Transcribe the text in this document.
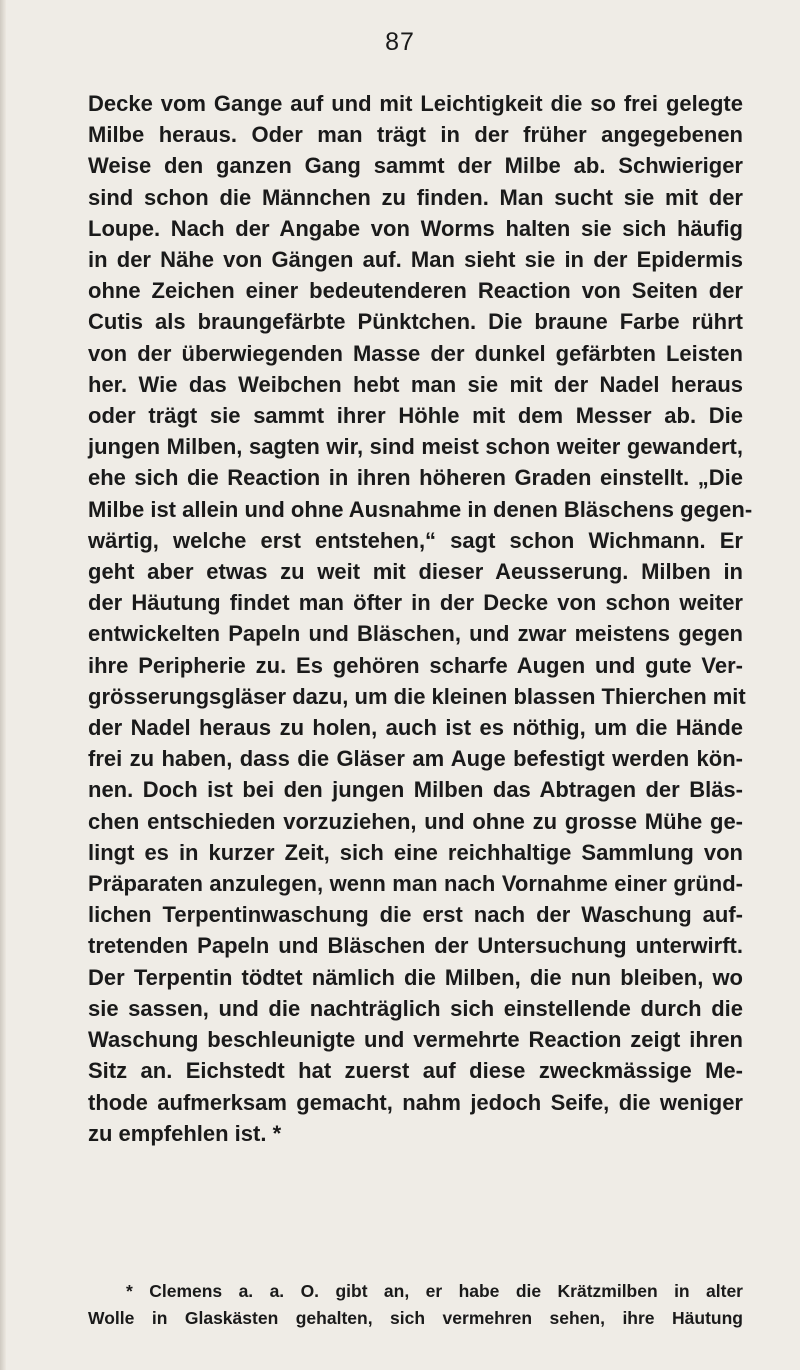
87
Decke vom Gange auf und mit Leichtigkeit die so frei gelegte
Milbe heraus. Oder man trägt in der früher angegebenen
Weise den ganzen Gang sammt der Milbe ab. Schwieriger
sind schon die Männchen zu finden. Man sucht sie mit der
Loupe. Nach der Angabe von Worms halten sie sich häufig
in der Nähe von Gängen auf. Man sieht sie in der Epidermis
ohne Zeichen einer bedeutenderen Reaction von Seiten der
Cutis als braungefärbte Pünktchen. Die braune Farbe rührt
von der überwiegenden Masse der dunkel gefärbten Leisten
her. Wie das Weibchen hebt man sie mit der Nadel heraus
oder trägt sie sammt ihrer Höhle mit dem Messer ab. Die
jungen Milben, sagten wir, sind meist schon weiter gewandert,
ehe sich die Reaction in ihren höheren Graden einstellt. „Die
Milbe ist allein und ohne Ausnahme in denen Bläschens gegen-
wärtig, welche erst entstehen,“ sagt schon Wichmann. Er
geht aber etwas zu weit mit dieser Aeusserung. Milben in
der Häutung findet man öfter in der Decke von schon weiter
entwickelten Papeln und Bläschen, und zwar meistens gegen
ihre Peripherie zu. Es gehören scharfe Augen und gute Ver-
grösserungsgläser dazu, um die kleinen blassen Thierchen mit
der Nadel heraus zu holen, auch ist es nöthig, um die Hände
frei zu haben, dass die Gläser am Auge befestigt werden kön-
nen. Doch ist bei den jungen Milben das Abtragen der Bläs-
chen entschieden vorzuziehen, und ohne zu grosse Mühe ge-
lingt es in kurzer Zeit, sich eine reichhaltige Sammlung von
Präparaten anzulegen, wenn man nach Vornahme einer gründ-
lichen Terpentinwaschung die erst nach der Waschung auf-
tretenden Papeln und Bläschen der Untersuchung unterwirft.
Der Terpentin tödtet nämlich die Milben, die nun bleiben, wo
sie sassen, und die nachträglich sich einstellende durch die
Waschung beschleunigte und vermehrte Reaction zeigt ihren
Sitz an. Eichstedt hat zuerst auf diese zweckmässige Me-
thode aufmerksam gemacht, nahm jedoch Seife, die weniger
zu empfehlen ist. *
* Clemens a. a. O. gibt an, er habe die Krätzmilben in alter
Wolle in Glaskästen gehalten, sich vermehren sehen, ihre Häutung
